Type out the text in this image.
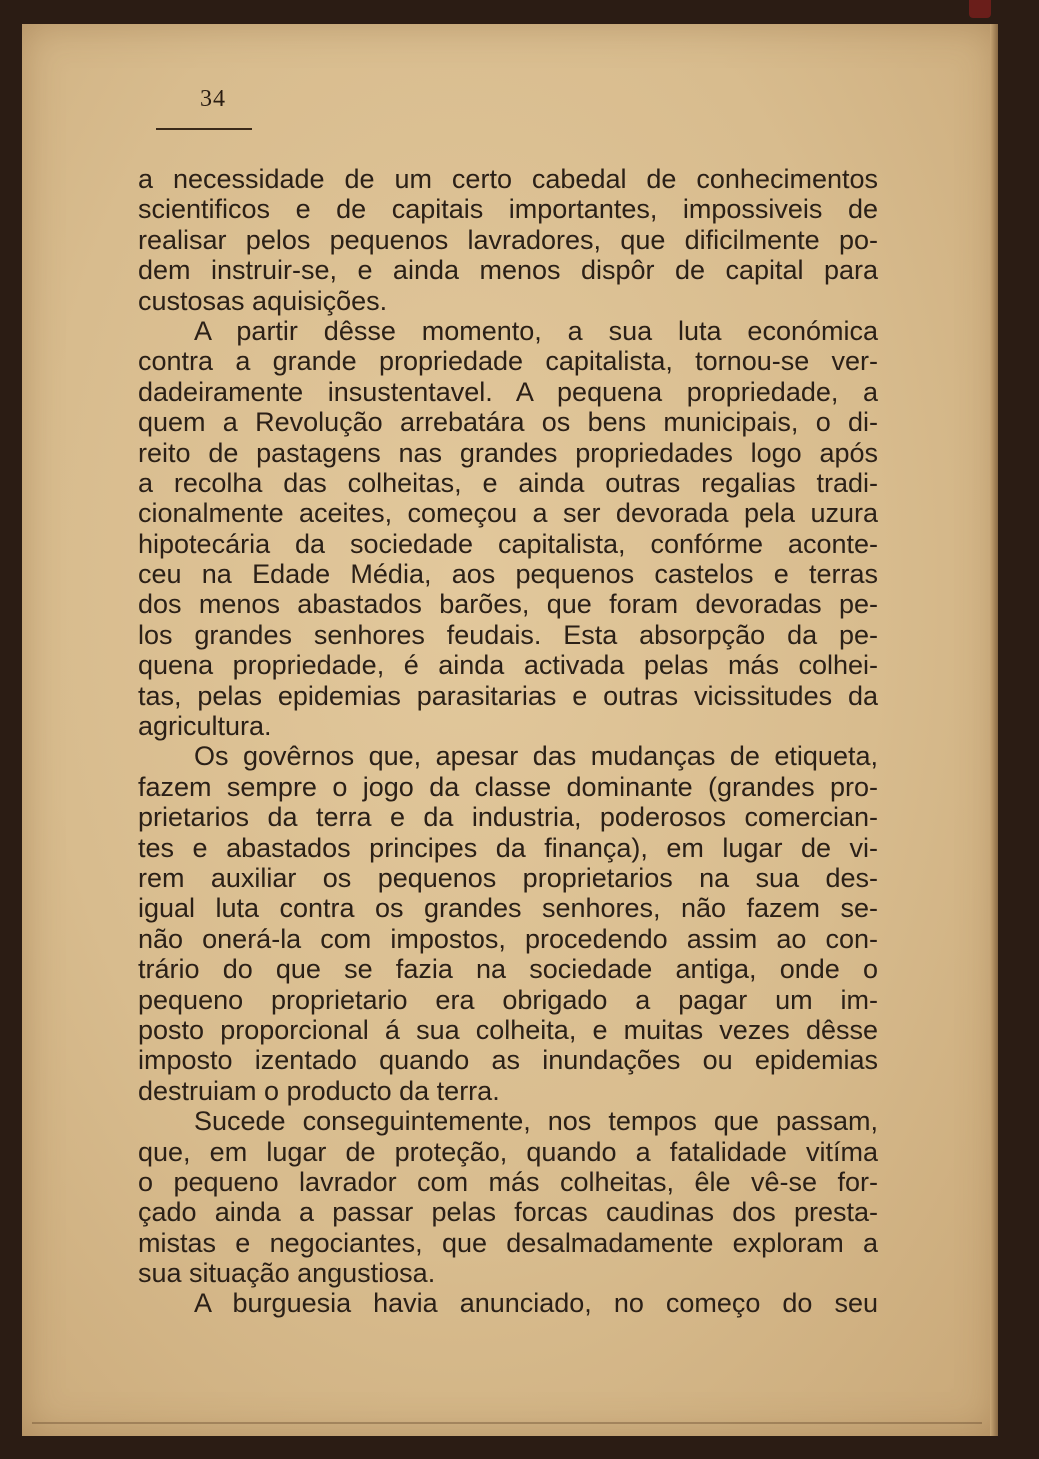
34
a necessidade de um certo cabedal de conhecimentos
scientificos e de capitais importantes, impossiveis de
realisar pelos pequenos lavradores, que dificilmente po-
dem instruir-se, e ainda menos dispôr de capital para
custosas aquisições.
A partir dêsse momento, a sua luta económica
contra a grande propriedade capitalista, tornou-se ver-
dadeiramente insustentavel. A pequena propriedade, a
quem a Revolução arrebatára os bens municipais, o di-
reito de pastagens nas grandes propriedades logo após
a recolha das colheitas, e ainda outras regalias tradi-
cionalmente aceites, começou a ser devorada pela uzura
hipotecária da sociedade capitalista, confórme aconte-
ceu na Edade Média, aos pequenos castelos e terras
dos menos abastados barões, que foram devoradas pe-
los grandes senhores feudais. Esta absorpção da pe-
quena propriedade, é ainda activada pelas más colhei-
tas, pelas epidemias parasitarias e outras vicissitudes da
agricultura.
Os govêrnos que, apesar das mudanças de etiqueta,
fazem sempre o jogo da classe dominante (grandes pro-
prietarios da terra e da industria, poderosos comercian-
tes e abastados principes da finança), em lugar de vi-
rem auxiliar os pequenos proprietarios na sua des-
igual luta contra os grandes senhores, não fazem se-
não onerá-la com impostos, procedendo assim ao con-
trário do que se fazia na sociedade antiga, onde o
pequeno proprietario era obrigado a pagar um im-
posto proporcional á sua colheita, e muitas vezes dêsse
imposto izentado quando as inundações ou epidemias
destruiam o producto da terra.
Sucede conseguintemente, nos tempos que passam,
que, em lugar de proteção, quando a fatalidade vitíma
o pequeno lavrador com más colheitas, êle vê-se for-
çado ainda a passar pelas forcas caudinas dos presta-
mistas e negociantes, que desalmadamente exploram a
sua situação angustiosa.
A burguesia havia anunciado, no começo do seu
